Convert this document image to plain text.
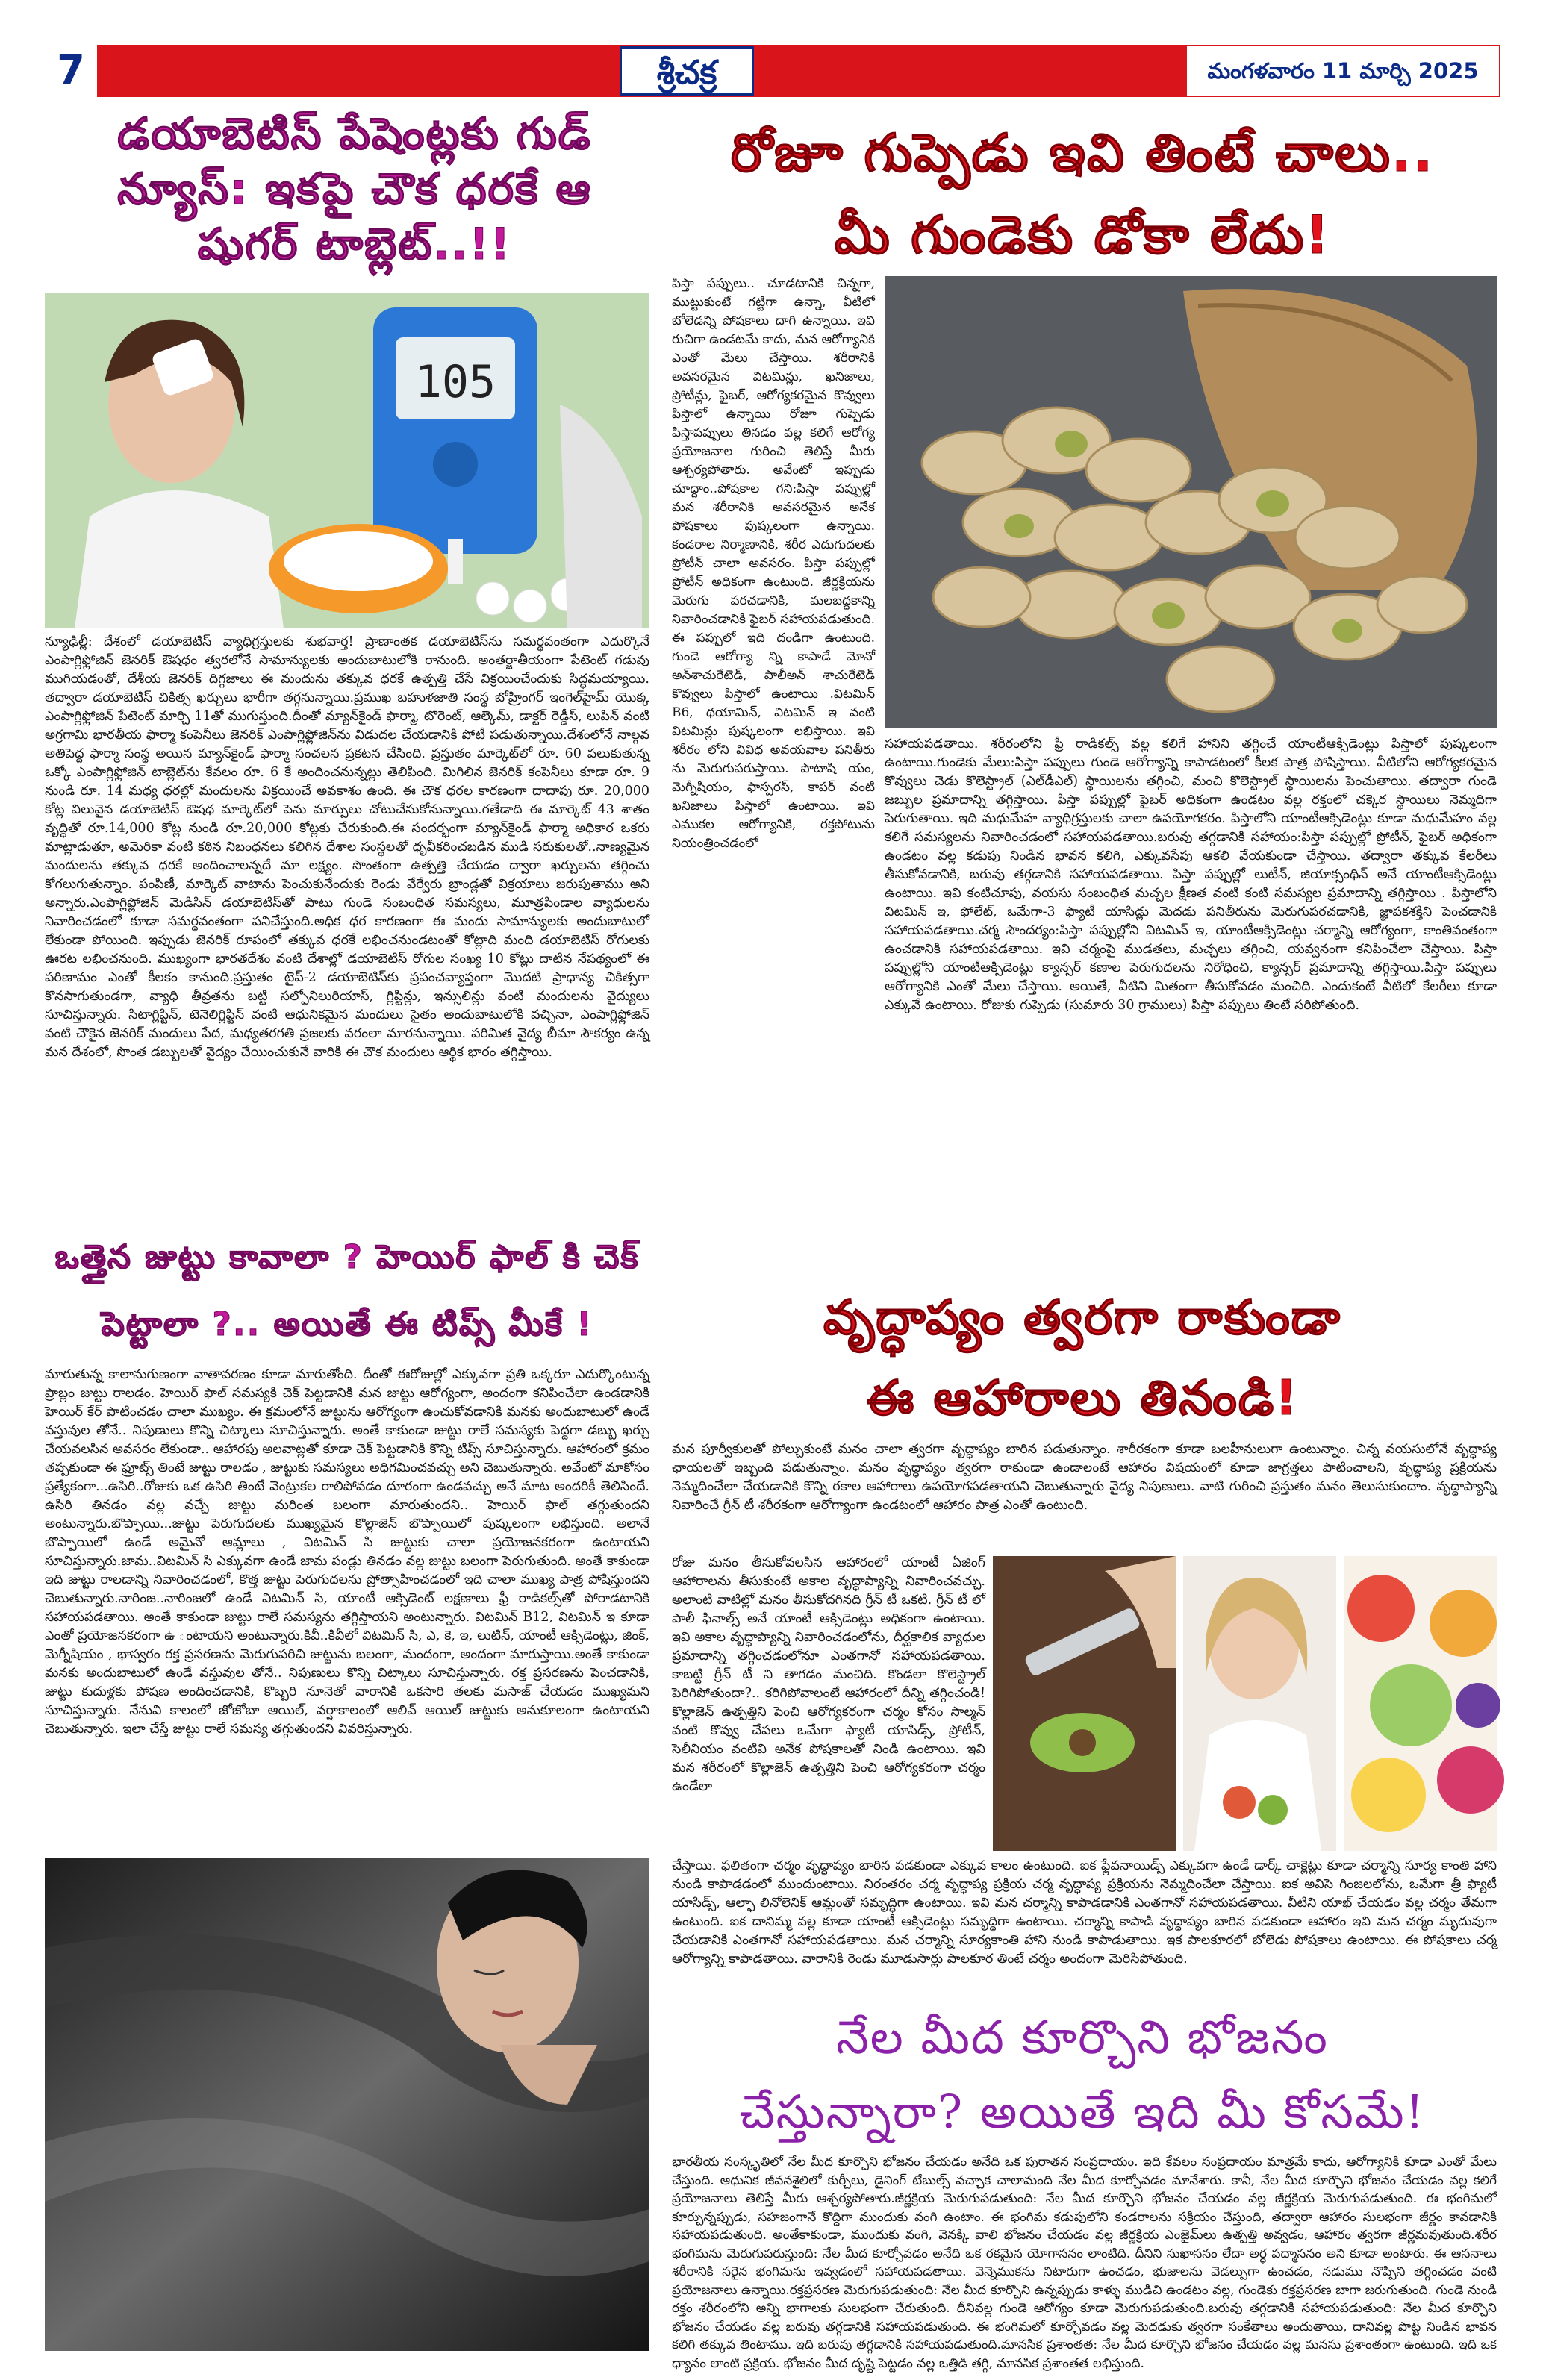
7	శ్రీచక్ర	మంగళవారం 11 మార్చి 2025
డయాబెటిస్ పేషెంట్లకు గుడ్
న్యూస్: ఇకపై చౌక ధరకే ఆ
షుగర్ టాబ్లెట్..!!
105
న్యూఢిల్లీ: దేశంలో డయాబెటిస్ వ్యాధిగ్రస్తులకు శుభవార్త! ప్రాణాంతక డయాబెటిస్‌ను సమర్థవంతంగా ఎదుర్కొనే ఎంపాగ్లిఫ్లోజిన్ జెనరిక్ ఔషధం త్వరలోనే సామాన్యులకు అందుబాటులోకి రానుంది. అంతర్జాతీయంగా పేటెంట్ గడువు ముగియడంతో, దేశీయ జెనరిక్ దిగ్గజాలు ఈ మందును తక్కువ ధరకే ఉత్పత్తి చేసే విక్రయించేందుకు సిద్ధమయ్యాయి. తద్వారా డయాబెటిస్ చికిత్స ఖర్చులు భారీగా తగ్గనున్నాయి.ప్రముఖ బహుళజాతి సంస్థ బోహ్రింగర్ ఇంగెల్‌హైమ్ యొక్క ఎంపాగ్లిఫ్లోజిన్ పేటెంట్ మార్చి 11తో ముగుస్తుంది.దీంతో మ్యాన్‌కైండ్ ఫార్మా, టొరెంట్, ఆల్కెమ్, డాక్టర్ రెడ్డీస్, లుపిన్ వంటి అగ్రగామి భారతీయ ఫార్మా కంపెనీలు జెనరిక్ ఎంపాగ్లిఫ్లోజిన్‌ను విడుదల చేయడానికి పోటీ పడుతున్నాయి.దేశంలోనే నాల్గవ అతిపెద్ద ఫార్మా సంస్థ అయిన మ్యాన్‌కైండ్ ఫార్మా సంచలన ప్రకటన చేసింది. ప్రస్తుతం మార్కెట్‌లో రూ. 60 పలుకుతున్న ఒక్కో ఎంపాగ్లిఫ్లోజిన్ టాబ్లెట్‌ను కేవలం రూ. 6 కే అందించనున్నట్లు తెలిపింది. మిగిలిన జెనరిక్ కంపెనీలు కూడా రూ. 9 నుండి రూ. 14 మధ్య ధరల్లో మందులను విక్రయించే అవకాశం ఉంది. ఈ చౌక ధరల కారణంగా దాదాపు రూ. 20,000 కోట్ల విలువైన డయాబెటిస్ ఔషధ మార్కెట్‌లో పెను మార్పులు చోటుచేసుకోనున్నాయి.గతేడాది ఈ మార్కెట్ 43 శాతం వృద్ధితో రూ.14,000 కోట్ల నుండి రూ.20,000 కోట్లకు చేరుకుంది.ఈ సందర్భంగా మ్యాన్‌కైండ్ ఫార్మా అధికార ఒకరు మాట్లాడుతూ, అమెరికా వంటి కఠిన నిబంధనలు కలిగిన దేశాల సంస్థలతో ధృవీకరించబడిన ముడి సరుకులతో..నాణ్యమైన మందులను తక్కువ ధరకే అందించాలన్నదే మా లక్ష్యం. సొంతంగా ఉత్పత్తి చేయడం ద్వారా ఖర్చులను తగ్గించు కోగలుగుతున్నాం. పంపిణీ, మార్కెట్ వాటాను పెంచుకునేందుకు రెండు వేర్వేరు బ్రాండ్లతో విక్రయాలు జరుపుతాము అని అన్నారు.ఎంపాగ్లిఫ్లోజిన్ మెడిసిన్ డయాబెటిస్‌తో పాటు గుండె సంబంధిత సమస్యలు, మూత్రపిండాల వ్యాధులను నివారించడంలో కూడా సమర్థవంతంగా పనిచేస్తుంది.అధిక ధర కారణంగా ఈ మందు సామాన్యులకు అందుబాటులో లేకుండా పోయింది. ఇప్పుడు జెనరిక్ రూపంలో తక్కువ ధరకే లభించనుండటంతో కోట్లాది మంది డయాబెటిస్ రోగులకు ఊరట లభించనుంది. ముఖ్యంగా భారతదేశం వంటి దేశాల్లో డయాబెటిస్ రోగుల సంఖ్య 10 కోట్లు దాటిన నేపథ్యంలో ఈ పరిణామం ఎంతో కీలకం కానుంది.ప్రస్తుతం టైప్-2 డయాబెటిస్‌కు ప్రపంచవ్యాప్తంగా మొదటి ప్రాధాన్య చికిత్సగా కొనసాగుతుండగా, వ్యాధి తీవ్రతను బట్టి సల్ఫోనిలురియాస్, గ్లిప్టిన్లు, ఇన్సులిన్లు వంటి మందులను వైద్యులు సూచిస్తున్నారు. సిటాగ్లిప్టిన్, టెనెలిగ్లిప్టిన్ వంటి ఆధునికమైన మందులు సైతం అందుబాటులోకి వచ్చినా, ఎంపాగ్లిఫ్లోజిన్ వంటి చౌకైన జెనరిక్ మందులు పేద, మధ్యతరగతి ప్రజలకు వరంలా మారనున్నాయి. పరిమిత వైద్య బీమా సౌకర్యం ఉన్న మన దేశంలో, సొంత డబ్బులతో వైద్యం చేయించుకునే వారికి ఈ చౌక మందులు ఆర్థిక భారం తగ్గిస్తాయి.
ఒత్తైన జుట్టు కావాలా ? హెయిర్ ఫాల్ కి చెక్
పెట్టాలా ?.. అయితే ఈ టిప్స్ మీకే !
మారుతున్న కాలానుగుణంగా వాతావరణం కూడా మారుతోంది. దీంతో ఈరోజుల్లో ఎక్కువగా ప్రతి ఒక్కరూ ఎదుర్కొంటున్న ప్రాబ్లం జుట్టు రాలడం. హెయిర్ ఫాల్ సమస్యకి చెక్ పెట్టడానికి మన జుట్టు ఆరోగ్యంగా, అందంగా కనిపించేలా ఉండడానికి హెయిర్ కేర్ పాటించడం చాలా ముఖ్యం. ఈ క్రమంలోనే జుట్టును ఆరోగ్యంగా ఉంచుకోవడానికి మనకు అందుబాటులో ఉండే వస్తువుల తోనే.. నిపుణులు కొన్ని చిట్కాలు సూచిస్తున్నారు. అంతే కాకుండా జుట్టు రాలే సమస్యకు పెద్దగా డబ్బు ఖర్చు చేయవలసిన అవసరం లేకుండా.. ఆహారపు అలవాట్లతో కూడా చెక్ పెట్టడానికి కొన్ని టిప్స్ సూచిస్తున్నారు. ఆహారంలో క్రమం తప్పకుండా ఈ ఫ్రూట్స్ తింటే జుట్టు రాలడం , జుట్టుకు సమస్యలు అధిగమించవచ్చు అని చెబుతున్నారు. అవేంటో మాకోసం ప్రత్యేకంగా...ఉసిరి..రోజుకు ఒక ఉసిరి తింటే వెంట్రుకల రాలిపోవడం దూరంగా ఉండవచ్చు అనే మాట అందరికీ తెలిసిందే. ఉసిరి తినడం వల్ల వచ్చే జుట్టు మరింత బలంగా మారుతుందని.. హెయిర్ ఫాల్ తగ్గుతుందని అంటున్నారు.బొప్పాయి...జుట్టు పెరుగుదలకు ముఖ్యమైన కొల్లాజెన్ బొప్పాయిలో పుష్కలంగా లభిస్తుంది. అలానే బొప్పాయిలో ఉండే అమైనో ఆమ్లాలు , విటమిన్ సి జుట్టుకు చాలా ప్రయోజనకరంగా ఉంటాయని సూచిస్తున్నారు.జామ..విటమిన్ సి ఎక్కువగా ఉండే జామ పండ్లు తినడం వల్ల జుట్టు బలంగా పెరుగుతుంది. అంతే కాకుండా ఇది జుట్టు రాలడాన్ని నివారించడంలో, కొత్త జుట్టు పెరుగుదలను ప్రోత్సాహించడంలో ఇది చాలా ముఖ్య పాత్ర పోషిస్తుందని చెబుతున్నారు.నారింజ..నారింజలో ఉండే విటమిన్ సి, యాంటీ ఆక్సిడెంట్ లక్షణాలు ఫ్రీ రాడికల్స్‌తో పోరాడటానికి సహాయపడతాయి. అంతే కాకుండా జుట్టు రాలే సమస్యను తగ్గిస్తాయని అంటున్నారు. విటమిన్ B12, విటమిన్ ఇ కూడా ఎంతో ప్రయోజనకరంగా ఉ ంటాయని అంటున్నారు.కివీ..కివీలో విటమిన్ సి, ఎ, కె, ఇ, లుటిన్, యాంటీ ఆక్సిడెంట్లు, జింక్, మెగ్నీషియం , భాస్వరం రక్త ప్రసరణను మెరుగుపరిచి జుట్టును బలంగా, మందంగా, అందంగా మారుస్తాయి.అంతే కాకుండా మనకు అందుబాటులో ఉండే వస్తువుల తోనే.. నిపుణులు కొన్ని చిట్కాలు సూచిస్తున్నారు. రక్త ప్రసరణను పెంచడానికి, జుట్టు కుదుళ్లకు పోషణ అందించడానికి, కొబ్బరి నూనెతో వారానికి ఒకసారి తలకు మసాజ్ చేయడం ముఖ్యమని సూచిస్తున్నారు. నేనువి కాలంలో జోజోబా ఆయిల్, వర్షాకాలంలో ఆలివ్ ఆయిల్ జుట్టుకు అనుకూలంగా ఉంటాయని చెబుతున్నారు. ఇలా చేస్తే జుట్టు రాలే సమస్య తగ్గుతుందని వివరిస్తున్నారు.
రోజూ గుప్పెడు ఇవి తింటే చాలు..
మీ గుండెకు డోకా లేదు!
పిస్తా పప్పులు.. చూడటానికి చిన్నగా, ముట్టుకుంటే గట్టిగా ఉన్నా, వీటిలో బోలెడన్ని పోషకాలు దాగి ఉన్నాయి. ఇవి రుచిగా ఉండటమే కాదు, మన ఆరోగ్యానికి ఎంతో మేలు చేస్తాయి. శరీరానికి అవసరమైన విటమిన్లు, ఖనిజాలు, ప్రోటీన్లు, ఫైబర్, ఆరోగ్యకరమైన కొవ్వులు పిస్తాలో ఉన్నాయి రోజూ గుప్పెడు పిస్తాపప్పులు తినడం వల్ల కలిగే ఆరోగ్య ప్రయోజనాల గురించి తెలిస్తే మీరు ఆశ్చర్యపోతారు. అవేంటో ఇప్పుడు చూద్దాం..పోషకాల గని:పిస్తా పప్పుల్లో మన శరీరానికి అవసరమైన అనేక పోషకాలు పుష్కలంగా ఉన్నాయి. కండరాల నిర్మాణానికి, శరీర ఎదుగుదలకు ప్రోటీన్ చాలా అవసరం. పిస్తా పప్పుల్లో ప్రోటీన్ అధికంగా ఉంటుంది. జీర్ణక్రియను మెరుగు పరచడానికి, మలబద్ధకాన్ని నివారించడానికి ఫైబర్ సహాయపడుతుంది. ఈ పప్పులో ఇది దండిగా ఉంటుంది. గుండె ఆరోగ్యా న్ని కాపాడే మోనో అన్‌శాచురేటెడ్, పాలీఅన్ శాచురేటెడ్ కొవ్వులు పిస్తాలో ఉంటాయి .విటమిన్ B6, థయామిన్, విటమిన్ ఇ వంటి విటమిన్లు పుష్కలంగా లభిస్తాయి. ఇవి శరీరం లోని వివిధ అవయవాల పనితీరు ను మెరుగుపరుస్తాయి. పొటాషి యం, మెగ్నీషియం, ఫాస్పరస్, కాపర్ వంటి ఖనిజాలు పిస్తాలో ఉంటాయి. ఇవి ఎముకల ఆరోగ్యానికి, రక్తపోటును నియంత్రించడంలో
సహాయపడతాయి. శరీరంలోని ఫ్రీ రాడికల్స్ వల్ల కలిగే హానిని తగ్గించే యాంటీఆక్సిడెంట్లు పిస్తాలో పుష్కలంగా ఉంటాయి.గుండెకు మేలు:పిస్తా పప్పులు గుండె ఆరోగ్యాన్ని కాపాడటంలో కీలక పాత్ర పోషిస్తాయి. వీటిలోని ఆరోగ్యకరమైన కొవ్వులు చెడు కొలెస్ట్రాల్ (ఎల్‌డీఎల్) స్థాయిలను తగ్గించి, మంచి కొలెస్ట్రాల్ స్థాయిలను పెంచుతాయి. తద్వారా గుండె జబ్బుల ప్రమాదాన్ని తగ్గిస్తాయి. పిస్తా పప్పుల్లో ఫైబర్ అధికంగా ఉండటం వల్ల రక్తంలో చక్కెర స్థాయిలు నెమ్మదిగా పెరుగుతాయి. ఇది మధుమేహ వ్యాధిగ్రస్తులకు చాలా ఉపయోగకరం. పిస్తాలోని యాంటీఆక్సిడెంట్లు కూడా మధుమేహం వల్ల కలిగే సమస్యలను నివారించడంలో సహాయపడతాయి.బరువు తగ్గడానికి సహాయం:పిస్తా పప్పుల్లో ప్రోటీన్, ఫైబర్ అధికంగా ఉండటం వల్ల కడుపు నిండిన భావన కలిగి, ఎక్కువసేపు ఆకలి వేయకుండా చేస్తాయి. తద్వారా తక్కువ కేలరీలు తీసుకోవడానికి, బరువు తగ్గడానికి సహాయపడతాయి. పిస్తా పప్పుల్లో లుటీన్, జియాక్సంథిన్ అనే యాంటీఆక్సిడెంట్లు ఉంటాయి. ఇవి కంటిచూపు, వయసు సంబంధిత మచ్చల క్షీణత వంటి కంటి సమస్యల ప్రమాదాన్ని తగ్గిస్తాయి . పిస్తాలోని విటమిన్ ఇ, ఫోలేట్, ఒమేగా-3 ఫ్యాటీ యాసిడ్లు మెదడు పనితీరును మెరుగుపరచడానికి, జ్ఞాపకశక్తిని పెంచడానికి సహాయపడతాయి.చర్మ సౌందర్యం:పిస్తా పప్పుల్లోని విటమిన్ ఇ, యాంటీఆక్సిడెంట్లు చర్మాన్ని ఆరోగ్యంగా, కాంతివంతంగా ఉంచడానికి సహాయపడతాయి. ఇవి చర్మంపై ముడతలు, మచ్చలు తగ్గించి, యవ్వనంగా కనిపించేలా చేస్తాయి. పిస్తా పప్పుల్లోని యాంటీఆక్సిడెంట్లు క్యాన్సర్ కణాల పెరుగుదలను నిరోధించి, క్యాన్సర్ ప్రమాదాన్ని తగ్గిస్తాయి.పిస్తా పప్పులు ఆరోగ్యానికి ఎంతో మేలు చేస్తాయి. అయితే, వీటిని మితంగా తీసుకోవడం మంచిది. ఎందుకంటే వీటిలో కేలరీలు కూడా ఎక్కువే ఉంటాయి. రోజుకు గుప్పెడు (సుమారు 30 గ్రాములు) పిస్తా పప్పులు తింటే సరిపోతుంది.
వృద్ధాప్యం త్వరగా రాకుండా
ఈ ఆహారాలు తినండి!
మన పూర్వీకులతో పోల్చుకుంటే మనం చాలా త్వరగా వృద్ధాప్యం బారిన పడుతున్నాం. శారీరకంగా కూడా బలహీనులుగా ఉంటున్నాం. చిన్న వయసులోనే వృద్ధాప్య ఛాయలతో ఇబ్బంది పడుతున్నాం. మనం వృద్ధాప్యం త్వరగా రాకుండా ఉండాలంటే ఆహారం విషయంలో కూడా జాగ్రత్తలు పాటించాలని, వృద్ధాప్య ప్రక్రియను నెమ్మదించేలా చేయడానికి కొన్ని రకాల ఆహారాలు ఉపయోగపడతాయని చెబుతున్నారు వైద్య నిపుణులు. వాటి గురించి ప్రస్తుతం మనం తెలుసుకుందాం. వృద్ధాప్యాన్ని నివారించే గ్రీన్ టీ శరీరకంగా ఆరోగ్యాంగా ఉండటంలో ఆహారం పాత్ర ఎంతో ఉంటుంది.
రోజు మనం తీసుకోవలసిన ఆహారంలో యాంటీ ఏజింగ్ ఆహారాలను తీసుకుంటే అకాల వృద్ధాప్యాన్ని నివారించవచ్చు. అలాంటి వాటిల్లో మనం తీసుకోదగినది గ్రీన్ టీ ఒకటి. గ్రీన్ టీ లో పాలీ ఫినాల్స్ అనే యాంటీ ఆక్సిడెంట్లు అధికంగా ఉంటాయి. ఇవి అకాల వృద్ధాప్యాన్ని నివారించడంలోను, దీర్ఘకాలిక వ్యాధుల ప్రమాదాన్ని తగ్గించడంలోనూ ఎంతగానో సహాయపడతాయి. కాబట్టి గ్రీన్ టీ ని తాగడం మంచిది. కొండలా కొలెస్ట్రాల్ పెరిగిపోతుందా?.. కరిగిపోవాలంటే ఆహారంలో దీన్ని తగ్గించండి! కొల్లాజెన్ ఉత్పత్తిని పెంచి ఆరోగ్యకరంగా చర్మం కోసం సాల్మన్ వంటి కొవ్వు చేపలు ఒమేగా ఫ్యాటీ యాసిడ్స్, ప్రోటీన్, సెలీనియం వంటివి అనేక పోషకాలతో నిండి ఉంటాయి. ఇవి మన శరీరంలో కొల్లాజెన్ ఉత్పత్తిని పెంచి ఆరోగ్యకరంగా చర్మం ఉండేలా
చేస్తాయి. ఫలితంగా చర్మం వృద్ధాప్యం బారిన పడకుండా ఎక్కువ కాలం ఉంటుంది. ఐక ఫ్లేవనాయిడ్స్ ఎక్కువగా ఉండే డార్క్ చాక్లెట్లు కూడా చర్మాన్ని సూర్య కాంతి హాని నుండి కాపాడడంలో ముందుంటాయి. నిరంతరం చర్మ వృద్ధాప్య ప్రక్రియ చర్మ వృద్ధాప్య ప్రక్రియను నెమ్మదించేలా చేస్తాయి. ఐక అవిసె గింజలలోను, ఒమేగా త్రీ ఫ్యాటీ యాసిడ్స్, ఆల్ఫా లినోలెనిక్ ఆమ్లంతో సమృద్ధిగా ఉంటాయి. ఇవి మన చర్మాన్ని కాపాడడానికి ఎంతగానో సహాయపడతాయి. వీటిని యాఖ్ చేయడం వల్ల చర్మం తేమగా ఉంటుంది. ఐక దానిమ్మ వల్ల కూడా యాంటీ ఆక్సిడెంట్లు సమృద్ధిగా ఉంటాయి. చర్మాన్ని కాపాడి వృద్ధాప్యం బారిన పడకుండా ఆహారం ఇవి మన చర్మం మృదువుగా చేయడానికి ఎంతగానో సహాయపడతాయి. మన చర్మాన్ని సూర్యకాంతి హాని నుండి కాపాడుతాయి. ఇక పాలకూరలో బోలెడు పోషకాలు ఉంటాయి. ఈ పోషకాలు చర్మ ఆరోగ్యాన్ని కాపాడతాయి. వారానికి రెండు మూడుసార్లు పాలకూర తింటే చర్మం అందంగా మెరిసిపోతుంది.
నేల మీద కూర్చొని భోజనం
చేస్తున్నారా? అయితే ఇది మీ కోసమే!
భారతీయ సంస్కృతిలో నేల మీద కూర్చొని భోజనం చేయడం అనేది ఒక పురాతన సంప్రదాయం. ఇది కేవలం సంప్రదాయం మాత్రమే కాదు, ఆరోగ్యానికి కూడా ఎంతో మేలు చేస్తుంది. ఆధునిక జీవనశైలిలో కుర్చీలు, డైనింగ్ టేబుల్స్ వచ్చాక చాలామంది నేల మీద కూర్చోవడం మానేశారు. కానీ, నేల మీద కూర్చొని భోజనం చేయడం వల్ల కలిగే ప్రయోజనాలు తెలిస్తే మీరు ఆశ్చర్యపోతారు.జీర్ణక్రియ మెరుగుపడుతుంది: నేల మీద కూర్చొని భోజనం చేయడం వల్ల జీర్ణక్రియ మెరుగుపడుతుంది. ఈ భంగిమలో కూర్చున్నప్పుడు, సహజంగానే కొద్దిగా ముందుకు వంగి ఉంటాం. ఈ భంగిమ కడుపులోని కండరాలను సక్రియం చేస్తుంది, తద్వారా ఆహారం సులభంగా జీర్ణం కావడానికి సహాయపడుతుంది. అంతేకాకుండా, ముందుకు వంగి, వెనక్కి వాలి భోజనం చేయడం వల్ల జీర్ణక్రియ ఎంజైమ్‌లు ఉత్పత్తి అవ్వడం, ఆహారం త్వరగా జీర్ణమవుతుంది.శరీర భంగిమను మెరుగుపరుస్తుంది: నేల మీద కూర్చోవడం అనేది ఒక రకమైన యోగాసనం లాంటిది. దీనిని సుఖాసనం లేదా అర్ధ పద్మాసనం అని కూడా అంటారు. ఈ ఆసనాలు శరీరానికి సరైన భంగిమను ఇవ్వడంలో సహాయపడతాయి. వెన్నెముకను నిటారుగా ఉంచడం, భుజాలను వెడల్పుగా ఉంచడం, నడుము నొప్పిని తగ్గించడం వంటి ప్రయోజనాలు ఉన్నాయి.రక్తప్రసరణ మెరుగుపడుతుంది: నేల మీద కూర్చొని ఉన్నప్పుడు కాళ్ళు ముడిచి ఉండటం వల్ల, గుండెకు రక్తప్రసరణ బాగా జరుగుతుంది. గుండె నుండి రక్తం శరీరంలోని అన్ని భాగాలకు సులభంగా చేరుతుంది. దీనివల్ల గుండె ఆరోగ్యం కూడా మెరుగుపడుతుంది.బరువు తగ్గడానికి సహాయపడుతుంది: నేల మీద కూర్చొని భోజనం చేయడం వల్ల బరువు తగ్గడానికి సహాయపడుతుంది. ఈ భంగిమలో కూర్చోవడం వల్ల మెదడుకు త్వరగా సంకేతాలు అందుతాయి, దానివల్ల పొట్ట నిండిన భావన కలిగి తక్కువ తింటాము. ఇది బరువు తగ్గడానికి సహాయపడుతుంది.మానసిక ప్రశాంతత: నేల మీద కూర్చొని భోజనం చేయడం వల్ల మనసు ప్రశాంతంగా ఉంటుంది. ఇది ఒక ధ్యానం లాంటి ప్రక్రియ. భోజనం మీద దృష్టి పెట్టడం వల్ల ఒత్తిడి తగ్గి, మానసిక ప్రశాంతత లభిస్తుంది.
